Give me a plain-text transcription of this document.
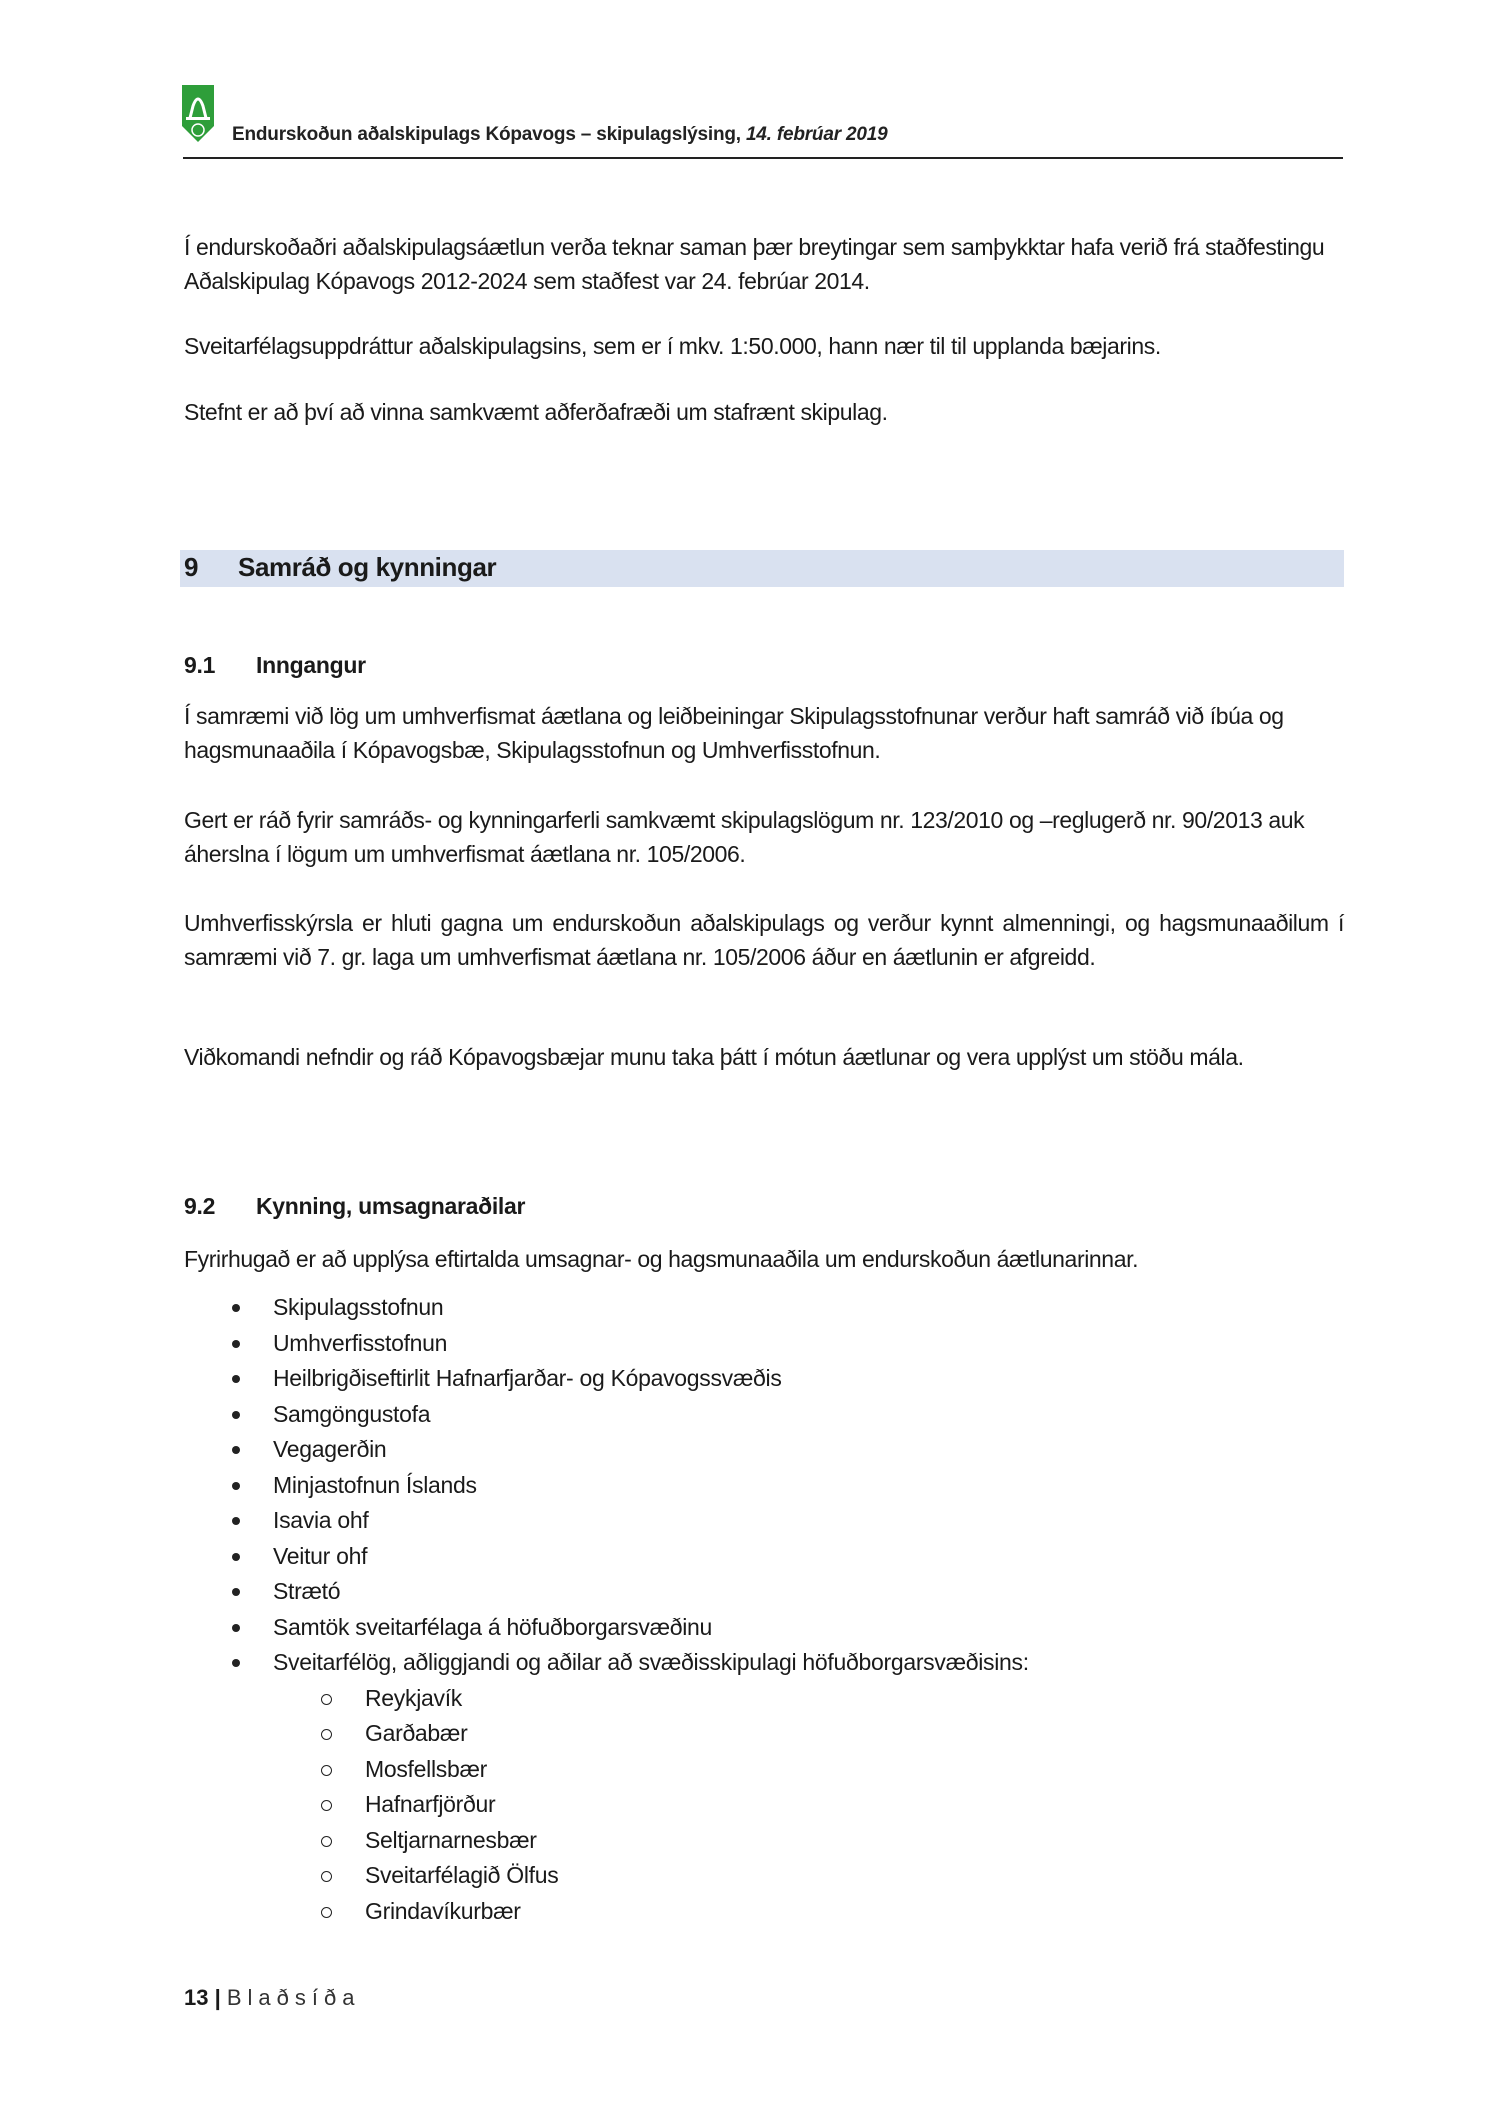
Endurskoðun aðalskipulags Kópavogs – skipulagslýsing, 14. febrúar 2019
Í endurskoðaðri aðalskipulagsáætlun verða teknar saman þær breytingar sem samþykktar hafa verið frá staðfestingu Aðalskipulag Kópavogs 2012-2024 sem staðfest var 24. febrúar 2014.
Sveitarfélagsuppdráttur aðalskipulagsins, sem er í mkv. 1:50.000, hann nær til til upplanda bæjarins.
Stefnt er að því að vinna samkvæmt aðferðafræði um stafrænt skipulag.
9 Samráð og kynningar
9.1 Inngangur
Í samræmi við lög um umhverfismat áætlana og leiðbeiningar Skipulagsstofnunar verður haft samráð við íbúa og hagsmunaaðila í Kópavogsbæ, Skipulagsstofnun og Umhverfisstofnun.
Gert er ráð fyrir samráðs- og kynningarferli samkvæmt skipulagslögum nr. 123/2010 og –reglugerð nr. 90/2013 auk áherslna í lögum um umhverfismat áætlana nr. 105/2006.
Umhverfisskýrsla er hluti gagna um endurskoðun aðalskipulags og verður kynnt almenningi, og hagsmunaaðilum í samræmi við 7. gr. laga um umhverfismat áætlana nr. 105/2006 áður en áætlunin er afgreidd.
Viðkomandi nefndir og ráð Kópavogsbæjar munu taka þátt í mótun áætlunar og vera upplýst um stöðu mála.
9.2 Kynning, umsagnaraðilar
Fyrirhugað er að upplýsa eftirtalda umsagnar- og hagsmunaaðila um endurskoðun áætlunarinnar.
Skipulagsstofnun
Umhverfisstofnun
Heilbrigðiseftirlit Hafnarfjarðar- og Kópavogssvæðis
Samgöngustofa
Vegagerðin
Minjastofnun Íslands
Isavia ohf
Veitur ohf
Strætó
Samtök sveitarfélaga á höfuðborgarsvæðinu
Sveitarfélög, aðliggjandi og aðilar að svæðisskipulagi höfuðborgarsvæðisins:
Reykjavík
Garðabær
Mosfellsbær
Hafnarfjörður
Seltjarnarnesbær
Sveitarfélagið Ölfus
Grindavíkurbær
13 | Blaðsíða
